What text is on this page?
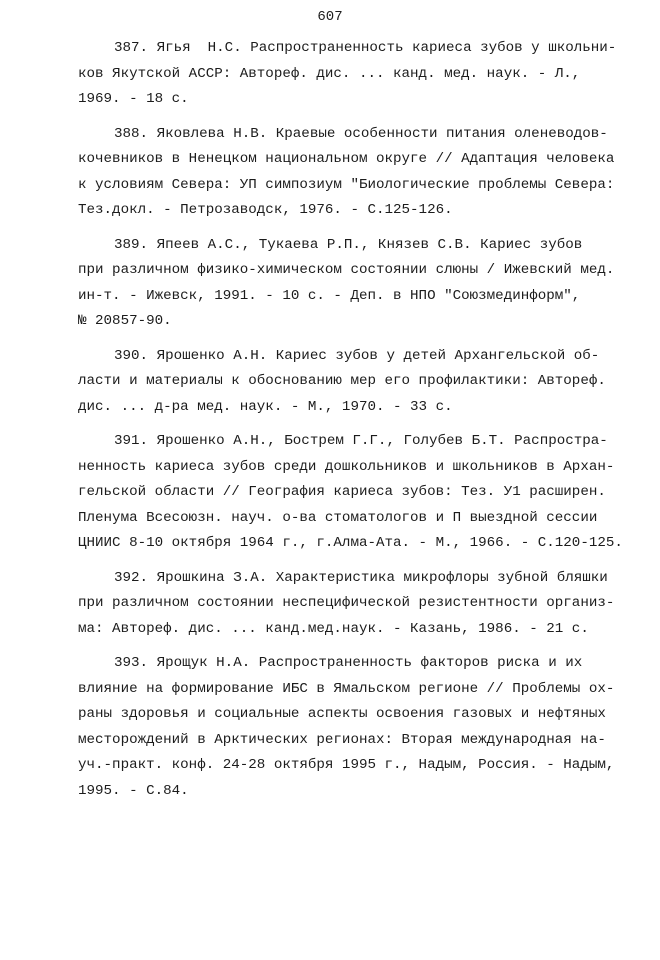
607
387. Ягья  Н.С. Распространенность кариеса зубов у школьни-
ков Якутской АССР: Автореф. дис. ... канд. мед. наук. - Л.,
1969. - 18 с.
388. Яковлева Н.В. Краевые особенности питания оленеводов-
кочевников в Ненецком национальном округе // Адаптация человека
к условиям Севера: УП симпозиум "Биологические проблемы Севера:
Тез.докл. - Петрозаводск, 1976. - С.125-126.
389. Япеев А.С., Тукаева Р.П., Князев С.В. Кариес зубов
при различном физико-химическом состоянии слюны / Ижевский мед.
ин-т. - Ижевск, 1991. - 10 с. - Деп. в НПО "Союзмединформ",
№ 20857-90.
390. Ярошенко А.Н. Кариес зубов у детей Архангельской об-
ласти и материалы к обоснованию мер его профилактики: Автореф.
дис. ... д-ра мед. наук. - М., 1970. - 33 с.
391. Ярошенко А.Н., Бострем Г.Г., Голубев Б.Т. Распростра-
ненность кариеса зубов среди дошкольников и школьников в Архан-
гельской области // География кариеса зубов: Тез. У1 расширен.
Пленума Всесоюзн. науч. о-ва стоматологов и П выездной сессии
ЦНИИС 8-10 октября 1964 г., г.Алма-Ата. - М., 1966. - С.120-125.
392. Ярошкина З.А. Характеристика микрофлоры зубной бляшки
при различном состоянии неспецифической резистентности организ-
ма: Автореф. дис. ... канд.мед.наук. - Казань, 1986. - 21 с.
393. Ярощук Н.А. Распространенность факторов риска и их
влияние на формирование ИБС в Ямальском регионе // Проблемы ох-
раны здоровья и социальные аспекты освоения газовых и нефтяных
месторождений в Арктических регионах: Вторая международная на-
уч.-практ. конф. 24-28 октября 1995 г., Надым, Россия. - Надым,
1995. - С.84.
